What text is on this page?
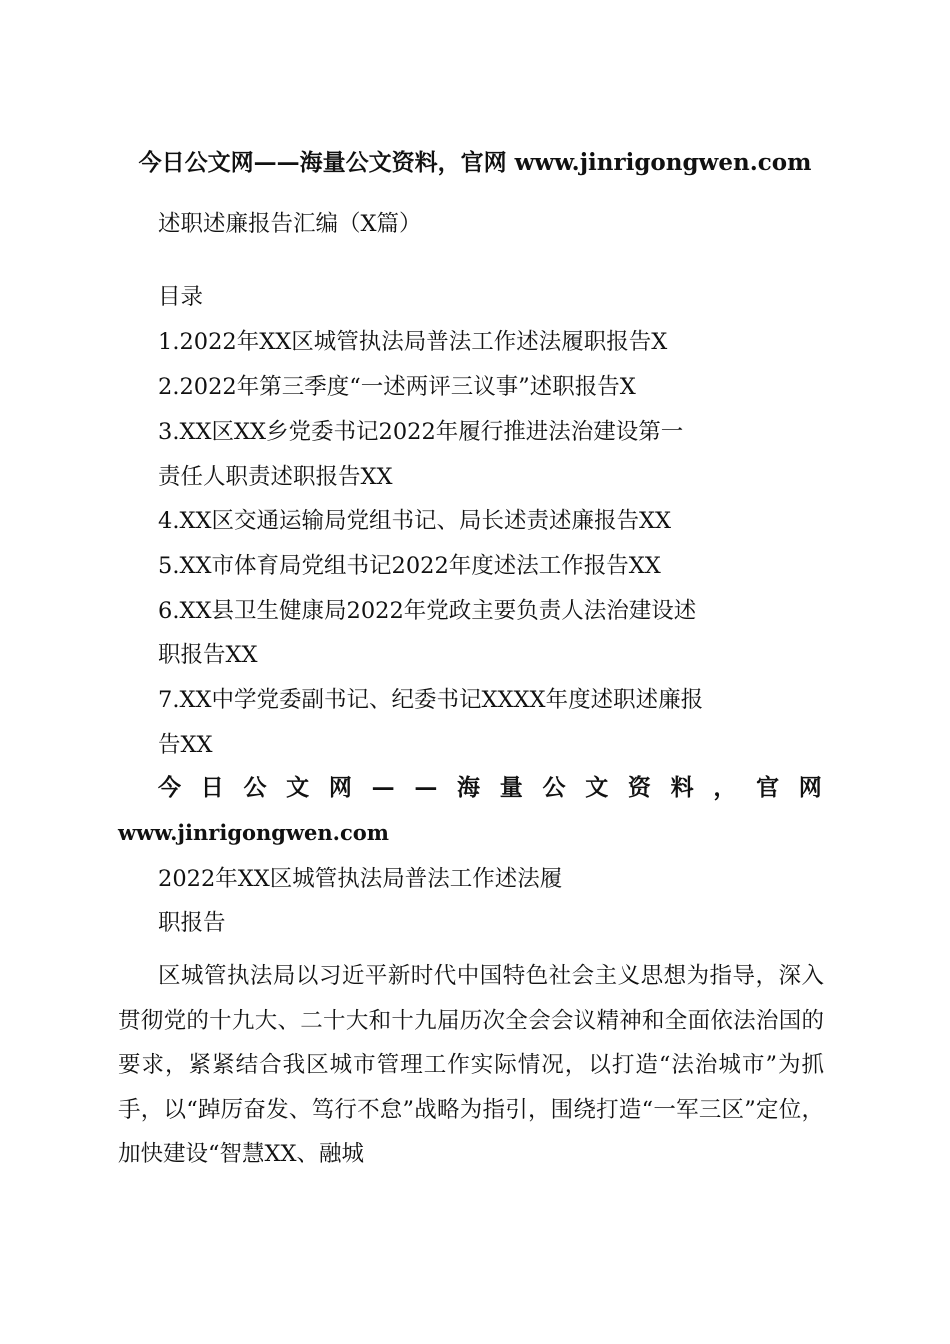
今日公文网——海量公文资料，官网 www.jinrigongwen.com
述职述廉报告汇编（X篇）
目录
1.2022年XX区城管执法局普法工作述法履职报告X
2.2022年第三季度“一述两评三议事”述职报告X
3.XX区XX乡党委书记2022年履行推进法治建设第一
责任人职责述职报告XX
4.XX区交通运输局党组书记、局长述责述廉报告XX
5.XX市体育局党组书记2022年度述法工作报告XX
6.XX县卫生健康局2022年党政主要负责人法治建设述
职报告XX
7.XX中学党委副书记、纪委书记XXXX年度述职述廉报
告XX
今 日 公 文 网 — — 海 量 公 文 资 料 ， 官 网
www.jinrigongwen.com
2022年XX区城管执法局普法工作述法履
职报告
区城管执法局以习近平新时代中国特色社会主义思想为指导，深入贯彻党的十九大、二十大和十九届历次全会会议精神和全面依法治国的要求，紧紧结合我区城市管理工作实际情况，以打造“法治城市”为抓手，以“踔厉奋发、笃行不怠”战略为指引，围绕打造“一军三区”定位，加快建设“智慧XX、融城
